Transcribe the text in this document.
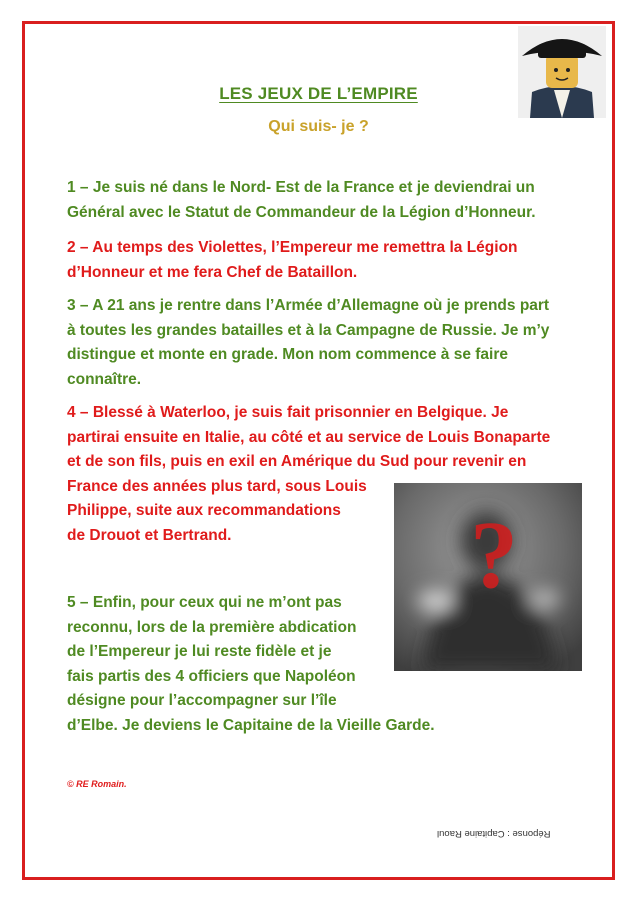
LES JEUX DE L’EMPIRE
Qui suis- je ?

1 – Je suis né dans le Nord- Est de la France et je deviendrai un
Général avec le Statut de Commandeur de la Légion d’Honneur.

2 – Au temps des Violettes, l’Empereur me remettra la Légion
d’Honneur et me fera Chef de Bataillon.

3 – A 21 ans je rentre dans l’Armée d’Allemagne où je prends part
à toutes les grandes batailles et à la Campagne de Russie. Je m’y
distingue et monte en grade. Mon nom commence à se faire
connaître.

4 – Blessé à Waterloo, je suis fait prisonnier en Belgique. Je
partirai ensuite en Italie, au côté et au service de Louis Bonaparte
et de son fils, puis en exil en Amérique du Sud pour revenir en
France des années plus tard, sous Louis
Philippe, suite aux recommandations
de Drouot et Bertrand.	?

5 – Enfin, pour ceux qui ne m’ont pas
reconnu, lors de la première abdication
de l’Empereur je lui reste fidèle et je
fais partis des 4 officiers que Napoléon
désigne pour l’accompagner sur l’île
d’Elbe. Je deviens le Capitaine de la Vieille Garde.

© RE Romain.

Réponse : Capitaine Raoul
